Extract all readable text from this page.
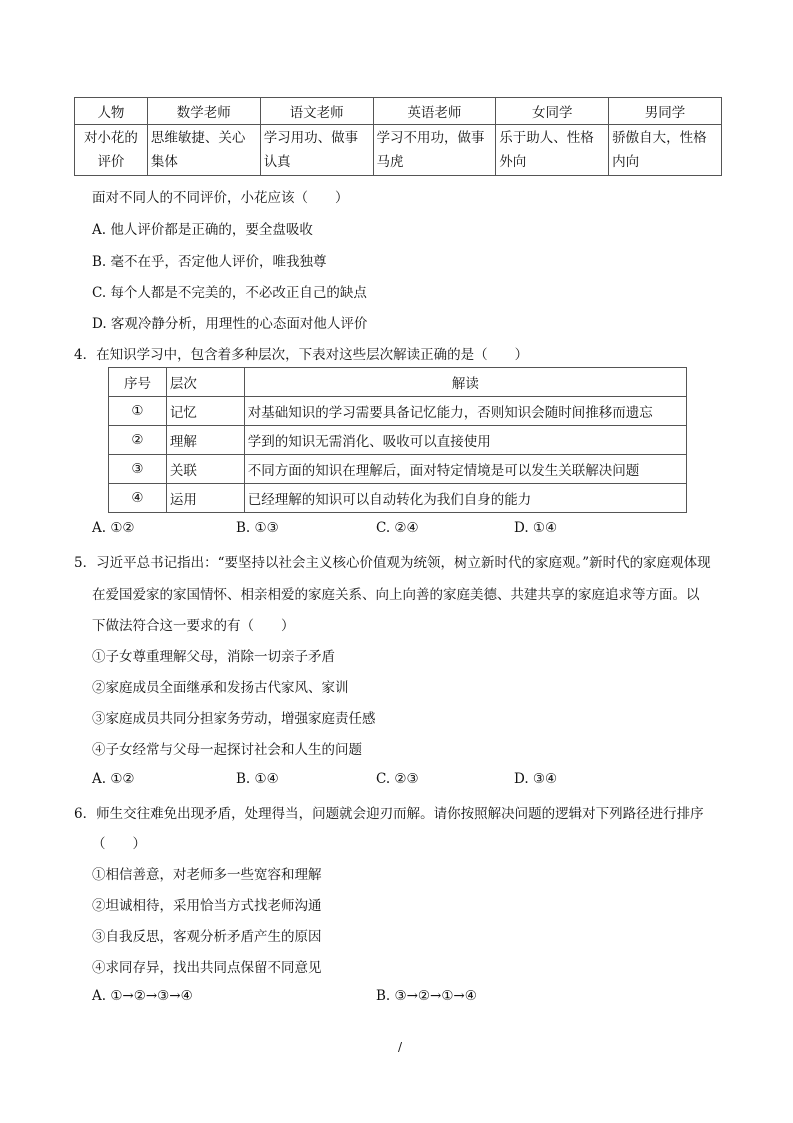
人物	数学老师	语文老师	英语老师	女同学	男同学
对小花的评价	思维敏捷、关心集体	学习用功、做事认真	学习不用功，做事马虎	乐于助人、性格外向	骄傲自大，性格内向
面对不同人的不同评价，小花应该（　　）
A. 他人评价都是正确的，要全盘吸收
B. 毫不在乎，否定他人评价，唯我独尊
C. 每个人都是不完美的，不必改正自己的缺点
D. 客观冷静分析，用理性的心态面对他人评价
4．在知识学习中，包含着多种层次，下表对这些层次解读正确的是（　　）
序号	层次	解读
①	记忆	对基础知识的学习需要具备记忆能力，否则知识会随时间推移而遗忘
②	理解	学到的知识无需消化、吸收可以直接使用
③	关联	不同方面的知识在理解后，面对特定情境是可以发生关联解决问题
④	运用	已经理解的知识可以自动转化为我们自身的能力
A. ①②	B. ①③	C. ②④	D. ①④
5．习近平总书记指出：“要坚持以社会主义核心价值观为统领，树立新时代的家庭观。”新时代的家庭观体现
在爱国爱家的家国情怀、相亲相爱的家庭关系、向上向善的家庭美德、共建共享的家庭追求等方面。以
下做法符合这一要求的有（　　）
①子女尊重理解父母，消除一切亲子矛盾
②家庭成员全面继承和发扬古代家风、家训
③家庭成员共同分担家务劳动，增强家庭责任感
④子女经常与父母一起探讨社会和人生的问题
A. ①②	B. ①④	C. ②③	D. ③④
6．师生交往难免出现矛盾，处理得当，问题就会迎刃而解。请你按照解决问题的逻辑对下列路径进行排序
（　　）
①相信善意，对老师多一些宽容和理解
②坦诚相待，采用恰当方式找老师沟通
③自我反思，客观分析矛盾产生的原因
④求同存异，找出共同点保留不同意见
A. ①→②→③→④	B. ③→②→①→④
/
